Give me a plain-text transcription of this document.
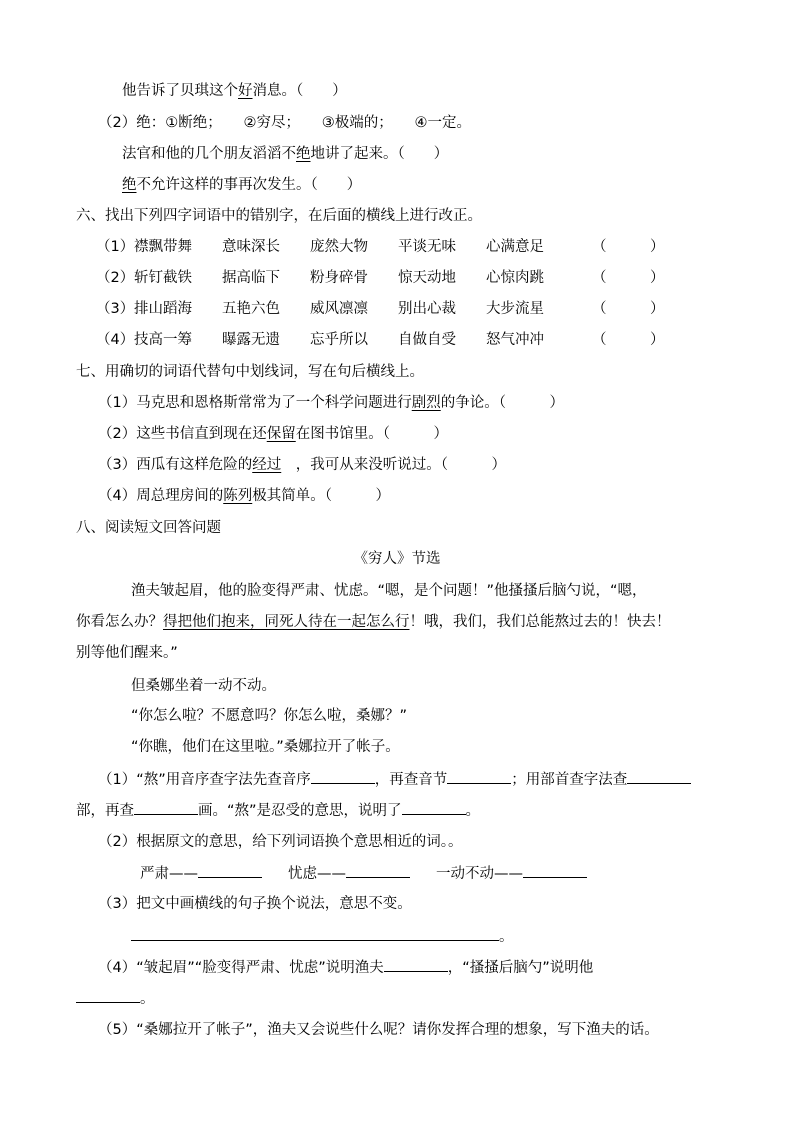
他告诉了贝琪这个好消息。（　　）
（2）绝：①断绝；　　②穷尽；　　③极端的；　　④一定。
法官和他的几个朋友滔滔不绝地讲了起来。（　　）
绝不允许这样的事再次发生。（　　）
六、找出下列四字词语中的错别字，在后面的横线上进行改正。
（1） 襟飘带舞	意味深长	庞然大物	平谈无味	心满意足	（　　　）
（2） 斩钉截铁	据高临下	粉身碎骨	惊天动地	心惊肉跳	（　　　）
（3） 排山蹈海	五艳六色	威风凛凛	别出心裁	大步流星	（　　　）
（4） 技高一筹	曝露无遗	忘乎所以	自做自受	怒气冲冲	（　　　）
七、用确切的词语代替句中划线词，写在句后横线上。
（1）马克思和恩格斯常常为了一个科学问题进行剧烈的争论。（　　　）
（2）这些书信直到现在还保留在图书馆里。（　　　）
（3）西瓜有这样危险的经过　，我可从来没听说过。（　　　）
（4）周总理房间的陈列极其简单。（　　　）
八、阅读短文回答问题
《穷人》节选
渔夫皱起眉，他的脸变得严肃、忧虑。“嗯，是个问题！”他搔搔后脑勺说，“嗯，
你看怎么办？得把他们抱来，同死人待在一起怎么行！哦，我们，我们总能熬过去的！快去！
别等他们醒来。”
但桑娜坐着一动不动。
“你怎么啦？不愿意吗？你怎么啦，桑娜？”
“你瞧，他们在这里啦。”桑娜拉开了帐子。
（1）“熬”用音序查字法先查音序	，再查音节	；用部首查字法查
部，再查	画。“熬”是忍受的意思，说明了	。
（2）根据原文的意思，给下列词语换个意思相近的词。。
严肃——	忧虑——	一动不动——
（3）把文中画横线的句子换个说法，意思不变。
。
（4）“皱起眉”“脸变得严肃、忧虑”说明渔夫	，“搔搔后脑勺”说明他
。
（5）“桑娜拉开了帐子”，渔夫又会说些什么呢？请你发挥合理的想象，写下渔夫的话。
